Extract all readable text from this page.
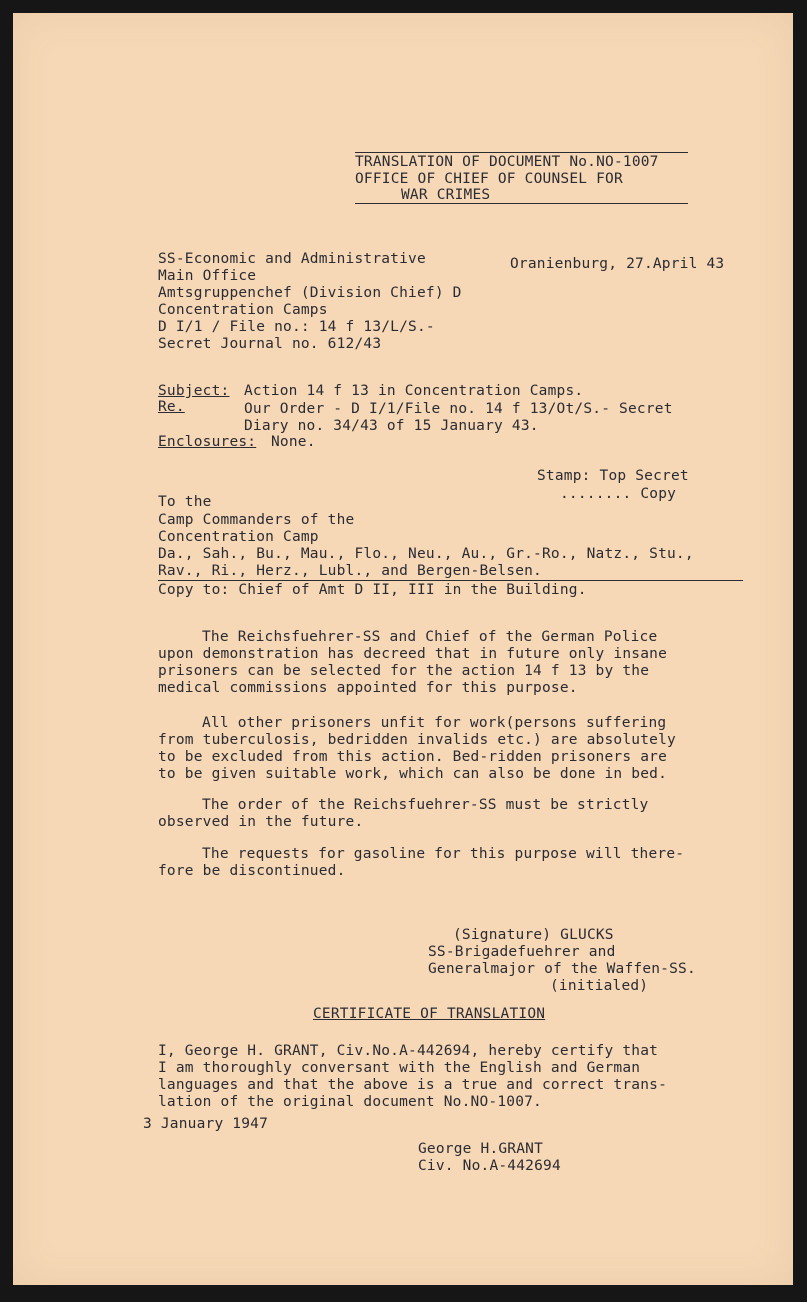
TRANSLATION OF DOCUMENT No.NO-1007
OFFICE OF CHIEF OF COUNSEL FOR
WAR CRIMES
SS-Economic and Administrative
Main Office
Amtsgruppenchef (Division Chief) D
Concentration Camps
D I/1 / File no.: 14 f 13/L/S.-
Secret Journal no. 612/43
Oranienburg, 27.April 43
Subject: Action 14 f 13 in Concentration Camps.
Re.	Our Order - D I/1/File no. 14 f 13/Ot/S.- Secret
Diary no. 34/43 of 15 January 43.
Enclosures: None.
Stamp: Top Secret
........ Copy
To the
Camp Commanders of the
Concentration Camp
Da., Sah., Bu., Mau., Flo., Neu., Au., Gr.-Ro., Natz., Stu.,
Rav., Ri., Herz., Lubl., and Bergen-Belsen.
Copy to: Chief of Amt D II, III in the Building.
The Reichsfuehrer-SS and Chief of the German Police
upon demonstration has decreed that in future only insane
prisoners can be selected for the action 14 f 13 by the
medical commissions appointed for this purpose.
All other prisoners unfit for work(persons suffering
from tuberculosis, bedridden invalids etc.) are absolutely
to be excluded from this action. Bed-ridden prisoners are
to be given suitable work, which can also be done in bed.
The order of the Reichsfuehrer-SS must be strictly
observed in the future.
The requests for gasoline for this purpose will there-
fore be discontinued.
(Signature) GLUCKS
SS-Brigadefuehrer and
Generalmajor of the Waffen-SS.
(initialed)
CERTIFICATE OF TRANSLATION
I, George H. GRANT, Civ.No.A-442694, hereby certify that
I am thoroughly conversant with the English and German
languages and that the above is a true and correct trans-
lation of the original document No.NO-1007.
3 January 1947
George H.GRANT
Civ. No.A-442694
